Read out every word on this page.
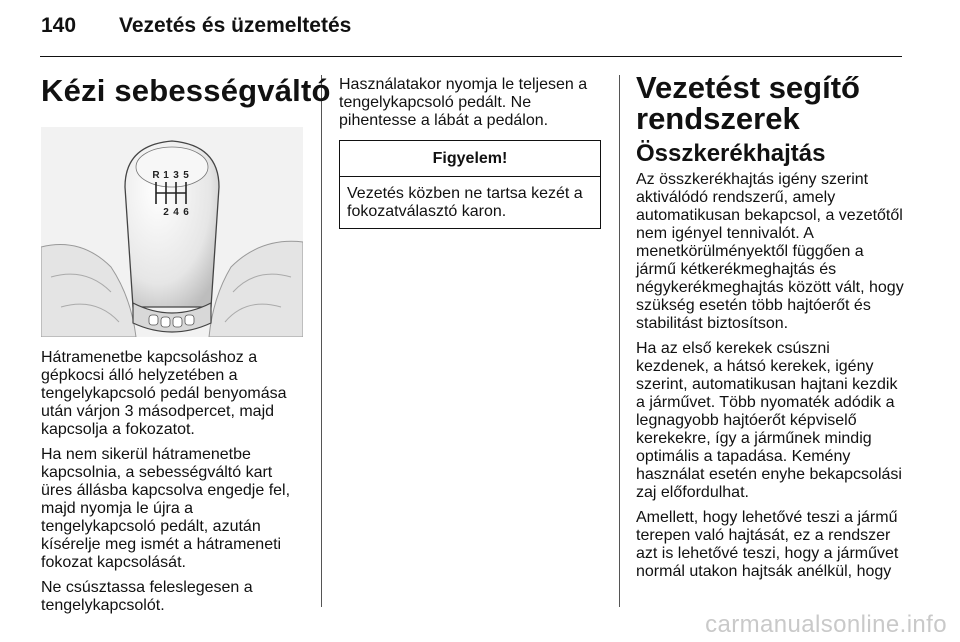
140 Vezetés és üzemeltetés
Kézi sebességváltó
R 1 3 5
2 4 6

Hátramenetbe kapcsoláshoz a gépkocsi álló helyzetében a tengelykapcsoló pedál benyomása után várjon 3 másodpercet, majd kapcsolja a fokozatot.

Ha nem sikerül hátramenetbe kapcsolnia, a sebességváltó kart üres állásba kapcsolva engedje fel, majd nyomja le újra a tengelykapcsoló pedált, azután kísérelje meg ismét a hátrameneti fokozat kapcsolását.

Ne csúsztassa feleslegesen a tengelykapcsolót.

Használatakor nyomja le teljesen a tengelykapcsoló pedált. Ne pihentesse a lábát a pedálon.

Figyelem!
Vezetés közben ne tartsa kezét a fokozatválasztó karon.
Vezetést segítő rendszerek
Összkerékhajtás

Az összkerékhajtás igény szerint aktiválódó rendszerű, amely automatikusan bekapcsol, a vezetőtől nem igényel tennivalót. A menetkörülményektől függően a jármű kétkerékmeghajtás és négykerékmeghajtás között vált, hogy szükség esetén több hajtóerőt és stabilitást biztosítson.

Ha az első kerekek csúszni kezdenek, a hátsó kerekek, igény szerint, automatikusan hajtani kezdik a járművet. Több nyomaték adódik a legnagyobb hajtóerőt képviselő kerekekre, így a járműnek mindig optimális a tapadása. Kemény használat esetén enyhe bekapcsolási zaj előfordulhat.

Amellett, hogy lehetővé teszi a jármű terepen való hajtását, ez a rendszer azt is lehetővé teszi, hogy a járművet normál utakon hajtsák anélkül, hogy

carmanualsonline.info
